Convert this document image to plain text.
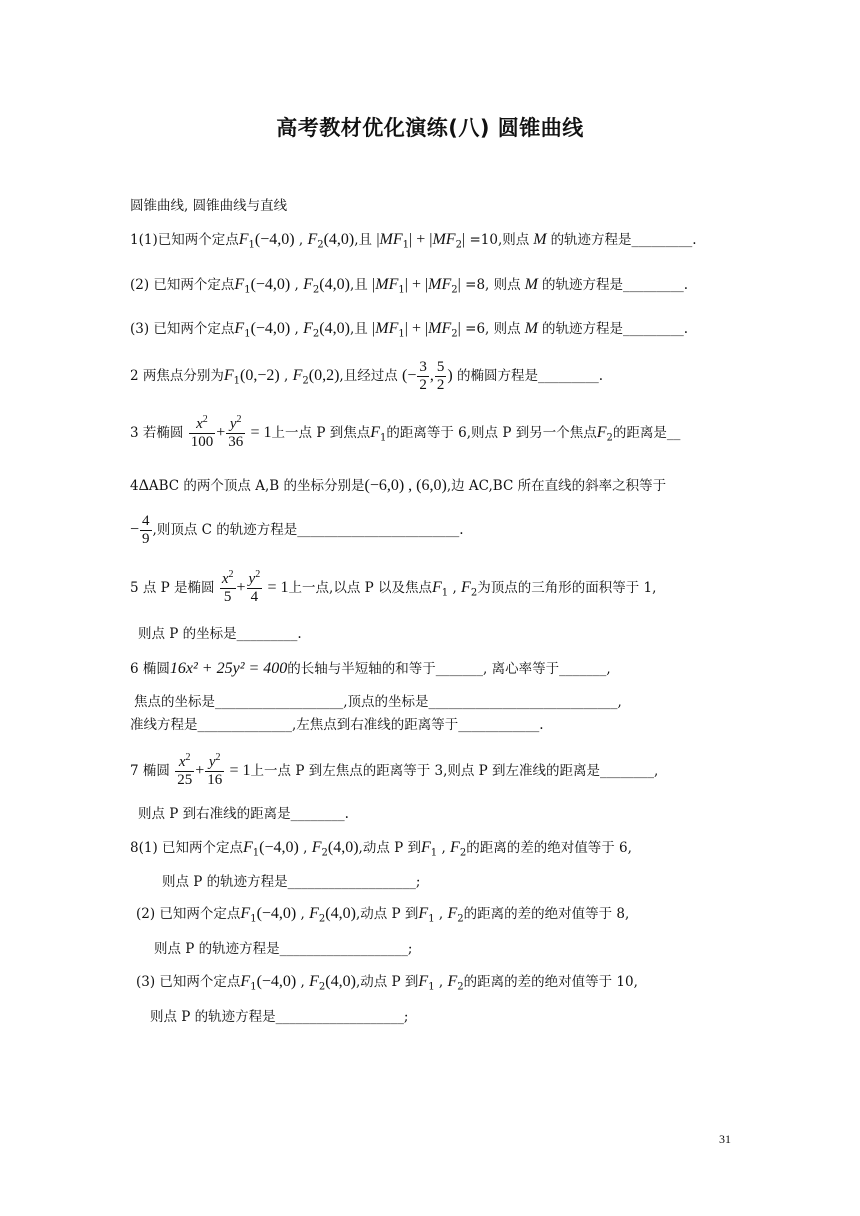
高考教材优化演练(八) 圆锥曲线
圆锥曲线, 圆锥曲线与直线
1(1)已知两个定点$F_1(-4,0)$ , $F_2(4,0)$,且 $|MF_1| + |MF_2| =10$,则点 M 的轨迹方程是_________.
(2) 已知两个定点$F_1(-4,0)$ , $F_2(4,0)$,且 $|MF_1| + |MF_2| =8$, 则点 M 的轨迹方程是_________.
(3) 已知两个定点$F_1(-4,0)$ , $F_2(4,0)$,且 $|MF_1| + |MF_2| =6$, 则点 M 的轨迹方程是_________.
2 两焦点分别为$F_1(0,-2)$ , $F_2(0,2)$,且经过点 (− $\frac{3}{2}$ , $\frac{5}{2}$ ) 的椭圆方程是_________.
3 若椭圆 $\frac{x^2}{100} + \frac{y^2}{36} = 1$上一点 P 到焦点$F_1$的距离等于 6,则点 P 到另一个焦点$F_2$的距离是__
4ΔABC 的两个顶点 A,B 的坐标分别是(−6,0) , (6,0),边 AC,BC 所在直线的斜率之积等于
− $\frac{4}{9}$ ,则顶点 C 的轨迹方程是________________________.
5 点 P 是椭圆 $\frac{x^2}{5} + \frac{y^2}{4} = 1$上一点,以点 P 以及焦点$F_1$ , $F_2$为顶点的三角形的面积等于 1,
则点 P 的坐标是_________.
6 椭圆16x² + 25y² = 400的长轴与半短轴的和等于_______, 离心率等于_______,
焦点的坐标是___________________,顶点的坐标是____________________________,
准线方程是______________,左焦点到右准线的距离等于____________.
7 椭圆 $\frac{x^2}{25} + \frac{y^2}{16} = 1$上一点 P 到左焦点的距离等于 3,则点 P 到左准线的距离是________,
则点 P 到右准线的距离是________.
8(1) 已知两个定点$F_1(-4,0)$ , $F_2(4,0)$,动点 P 到$F_1$ , $F_2$的距离的差的绝对值等于 6,
则点 P 的轨迹方程是___________________;
(2) 已知两个定点$F_1(-4,0)$ , $F_2(4,0)$,动点 P 到$F_1$ , $F_2$的距离的差的绝对值等于 8,
则点 P 的轨迹方程是___________________;
(3) 已知两个定点$F_1(-4,0)$ , $F_2(4,0)$,动点 P 到$F_1$ , $F_2$的距离的差的绝对值等于 10,
则点 P 的轨迹方程是___________________;
31
